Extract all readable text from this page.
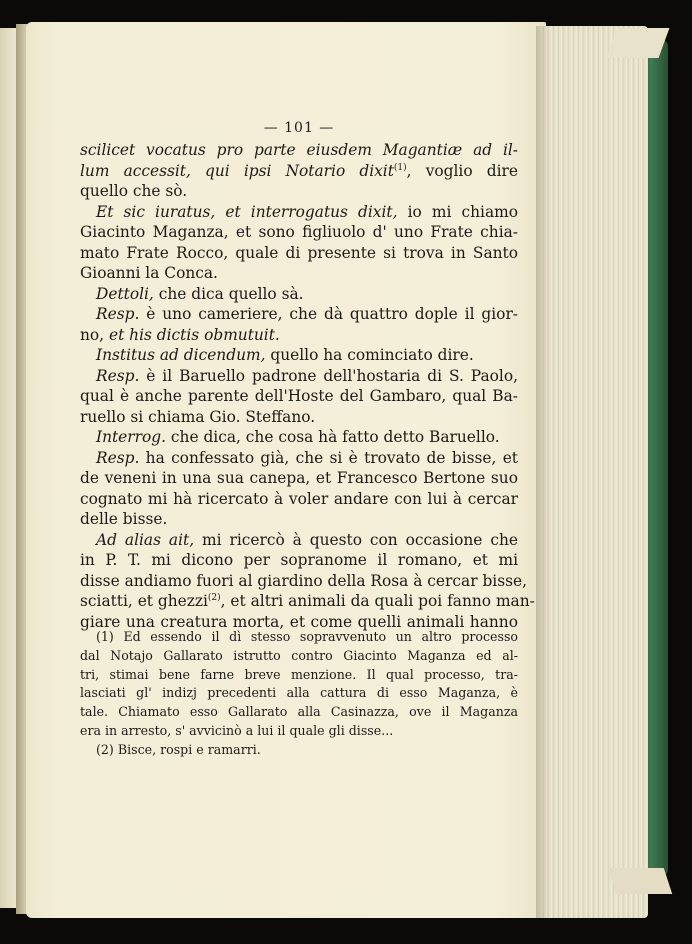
— 101 —
scilicet vocatus pro parte eiusdem Magantiæ ad il-
lum accessit, qui ipsi Notario dixit$^{(1)}$, voglio dire
quello che sò.
Et sic iuratus, et interrogatus dixit, io mi chiamo
Giacinto Maganza, et sono figliuolo d' uno Frate chia-
mato Frate Rocco, quale di presente si trova in Santo
Gioanni la Conca.
Dettoli, che dica quello sà.
Resp. è uno cameriere, che dà quattro dople il gior-
no, et his dictis obmutuit.
Institus ad dicendum, quello ha cominciato dire.
Resp. è il Baruello padrone dell'hostaria di S. Paolo,
qual è anche parente dell'Hoste del Gambaro, qual Ba-
ruello si chiama Gio. Steffano.
Interrog. che dica, che cosa hà fatto detto Baruello.
Resp. ha confessato già, che si è trovato de bisse, et
de veneni in una sua canepa, et Francesco Bertone suo
cognato mi hà ricercato à voler andare con lui à cercar
delle bisse.
Ad alias ait, mi ricercò à questo con occasione che
in P. T. mi dicono per sopranome il romano, et mi
disse andiamo fuori al giardino della Rosa à cercar bisse,
sciatti, et ghezzi$^{(2)}$, et altri animali da quali poi fanno man-
giare una creatura morta, et come quelli animali hanno
(1) Ed essendo il dì stesso sopravvenuto un altro processo
dal Notajo Gallarato istrutto contro Giacinto Maganza ed al-
tri, stimai bene farne breve menzione. Il qual processo, tra-
lasciati gl' indizj precedenti alla cattura di esso Maganza, è
tale. Chiamato esso Gallarato alla Casinazza, ove il Maganza
era in arresto, s' avvicinò a lui il quale gli disse...
(2) Bisce, rospi e ramarri.
